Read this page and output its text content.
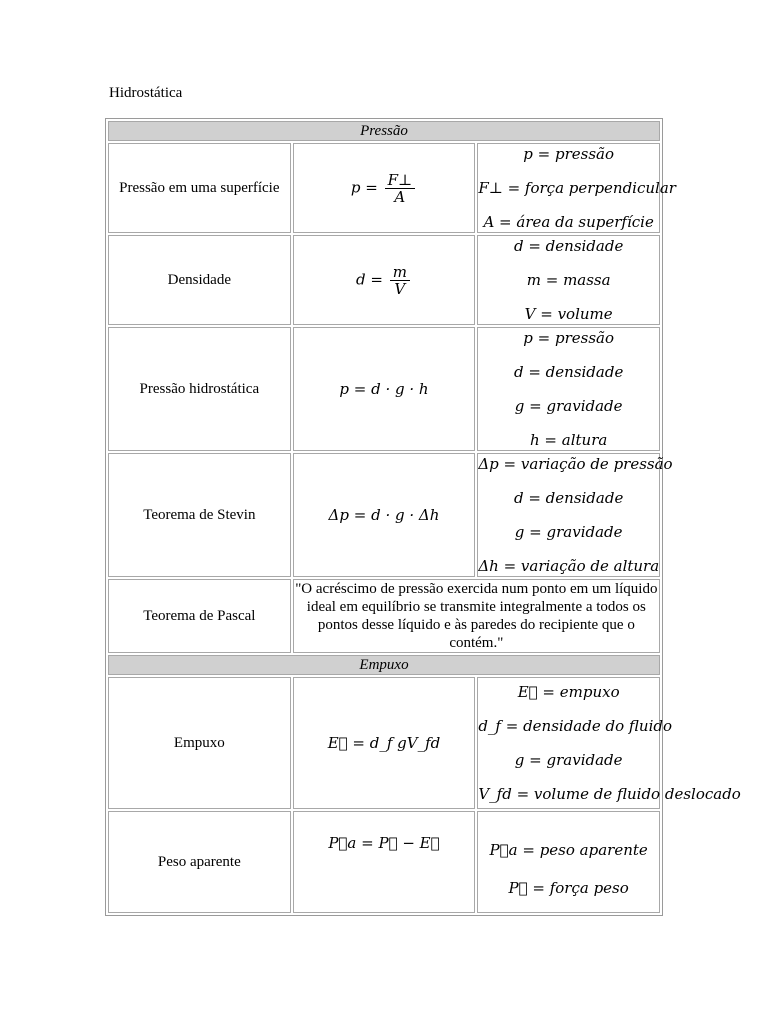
Hidrostática
Pressão		
Pressão em uma superfície	$p = \frac{F\perp}{A}$	p = pressão
F⊥ = força perpendicular
A = área da superfície

Densidade	$d = \frac{m}{V}$	d = densidade
m = massa
V = volume

Pressão hidrostática	p = d · g · h	p = pressão
d = densidade
g = gravidade
h = altura

Teorema de Stevin	Δp = d · g · Δh	Δp = variação de pressão
d = densidade
g = gravidade
Δh = variação de altura

Teorema de Pascal	"O acréscimo de pressão exercida num ponto em um líquido ideal em equilíbrio se transmite integralmente a todos os pontos desse líquido e às paredes do recipiente que o contém."	
Empuxo		
Empuxo	E⃗ = d_f gV_fd	E⃗ = empuxo
d_f = densidade do fluido
g = gravidade
V_fd = volume de fluido deslocado

Peso aparente	P⃗a = P⃗ − E⃗	P⃗a = peso aparente
P⃗ = força peso
